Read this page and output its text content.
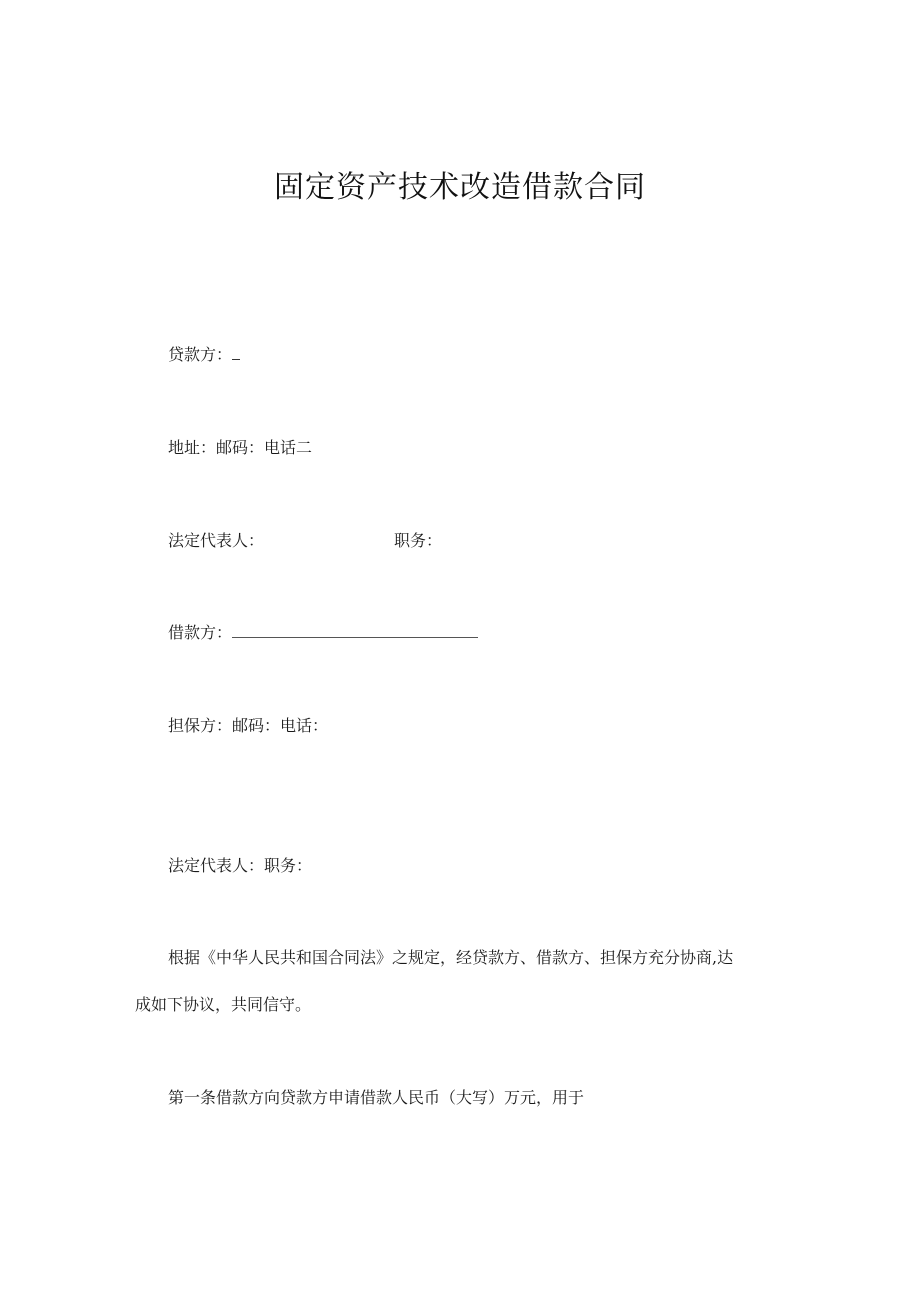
固定资产技术改造借款合同
贷款方：
地址：邮码：电话二
法定代表人：	职务：
借款方：
担保方：邮码：电话：
法定代表人：职务：
根据《中华人民共和国合同法》之规定，经贷款方、借款方、担保方充分协商,达
成如下协议，共同信守。
第一条借款方向贷款方申请借款人民币（大写）万元，用于
